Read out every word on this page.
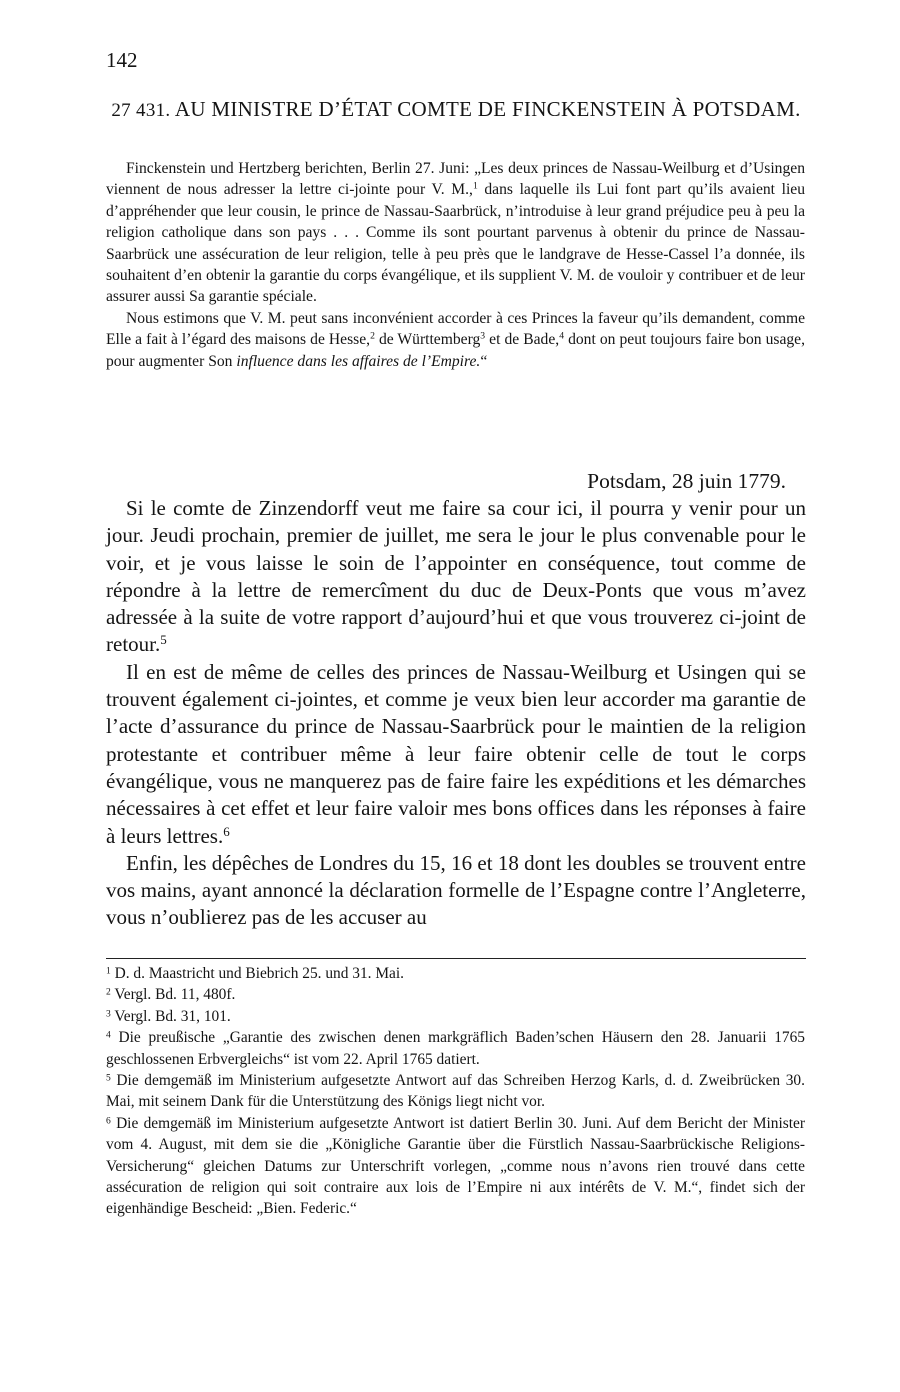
142
27 431. AU MINISTRE D’ÉTAT COMTE DE FINCKENSTEIN À POTSDAM.

Finckenstein und Hertzberg berichten, Berlin 27. Juni: „Les deux princes de Nassau-Weilburg et d’Usingen viennent de nous adresser la lettre ci-jointe pour V. M.,$^1$ dans laquelle ils Lui font part qu’ils avaient lieu d’appréhender que leur cousin, le prince de Nassau-Saarbrück, n’introduise à leur grand préjudice peu à peu la religion catholique dans son pays . . . Comme ils sont pourtant parvenus à obtenir du prince de Nassau-Saarbrück une assécuration de leur religion, telle à peu près que le landgrave de Hesse-Cassel l’a donnée, ils souhaitent d’en obtenir la garantie du corps évangélique, et ils supplient V. M. de vouloir y contribuer et de leur assurer aussi Sa garantie spéciale.

Nous estimons que V. M. peut sans inconvénient accorder à ces Princes la faveur qu’ils demandent, comme Elle a fait à l’égard des maisons de Hesse,$^2$ de Württemberg$^3$ et de Bade,$^4$ dont on peut toujours faire bon usage, pour augmenter Son influence dans les affaires de l’Empire.“

Potsdam, 28 juin 1779.

Si le comte de Zinzendorff veut me faire sa cour ici, il pourra y venir pour un jour. Jeudi prochain, premier de juillet, me sera le jour le plus convenable pour le voir, et je vous laisse le soin de l’appointer en conséquence, tout comme de répondre à la lettre de remercîment du duc de Deux-Ponts que vous m’avez adressée à la suite de votre rapport d’aujourd’hui et que vous trouverez ci-joint de retour.$^5$

Il en est de même de celles des princes de Nassau-Weilburg et Usingen qui se trouvent également ci-jointes, et comme je veux bien leur accorder ma garantie de l’acte d’assurance du prince de Nassau-Saarbrück pour le maintien de la religion protestante et contribuer même à leur faire obtenir celle de tout le corps évangélique, vous ne manquerez pas de faire faire les expéditions et les démarches nécessaires à cet effet et leur faire valoir mes bons offices dans les réponses à faire à leurs lettres.$^6$

Enfin, les dépêches de Londres du 15, 16 et 18 dont les doubles se trouvent entre vos mains, ayant annoncé la déclaration formelle de l’Espagne contre l’Angleterre, vous n’oublierez pas de les accuser au

$^1$ D. d. Maastricht und Biebrich 25. und 31. Mai.

$^2$ Vergl. Bd. 11, 480f.

$^3$ Vergl. Bd. 31, 101.

$^4$ Die preußische „Garantie des zwischen denen markgräflich Baden’schen Häusern den 28. Januarii 1765 geschlossenen Erbvergleichs“ ist vom 22. April 1765 datiert.

$^5$ Die demgemäß im Ministerium aufgesetzte Antwort auf das Schreiben Herzog Karls, d. d. Zweibrücken 30. Mai, mit seinem Dank für die Unterstützung des Königs liegt nicht vor.

$^6$ Die demgemäß im Ministerium aufgesetzte Antwort ist datiert Berlin 30. Juni. Auf dem Bericht der Minister vom 4. August, mit dem sie die „Königliche Garantie über die Fürstlich Nassau-Saarbrückische Religions-Versicherung“ gleichen Datums zur Unterschrift vorlegen, „comme nous n’avons rien trouvé dans cette assécuration de religion qui soit contraire aux lois de l’Empire ni aux intérêts de V. M.“, findet sich der eigenhändige Bescheid: „Bien. Federic.“
